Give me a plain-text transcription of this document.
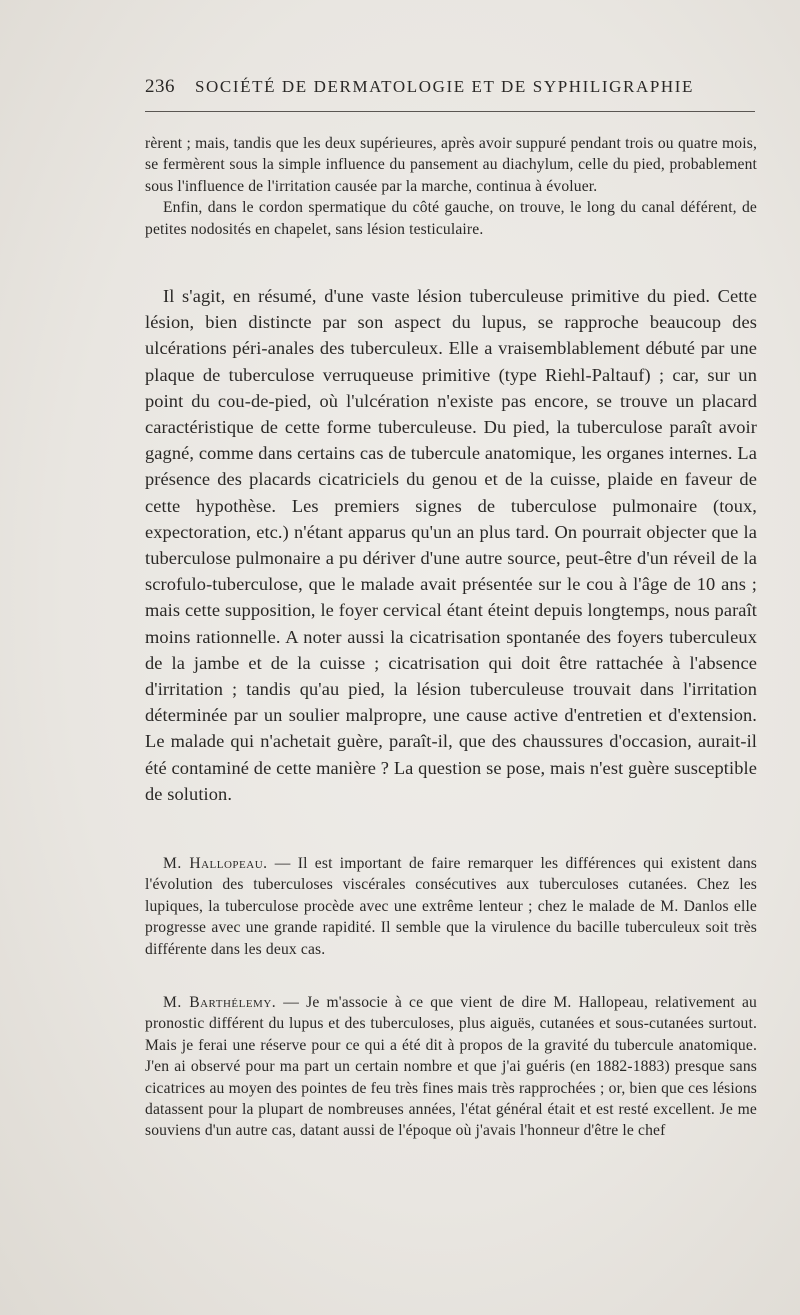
236 SOCIÉTÉ DE DERMATOLOGIE ET DE SYPHILIGRAPHIE

rèrent ; mais, tandis que les deux supérieures, après avoir suppuré pendant trois ou quatre mois, se fermèrent sous la simple influence du pansement au diachylum, celle du pied, probablement sous l'influence de l'irritation causée par la marche, continua à évoluer.

Enfin, dans le cordon spermatique du côté gauche, on trouve, le long du canal déférent, de petites nodosités en chapelet, sans lésion testiculaire.

Il s'agit, en résumé, d'une vaste lésion tuberculeuse primitive du pied. Cette lésion, bien distincte par son aspect du lupus, se rapproche beaucoup des ulcérations péri-anales des tuberculeux. Elle a vraisemblablement débuté par une plaque de tuberculose verruqueuse primitive (type Riehl-Paltauf) ; car, sur un point du cou-de-pied, où l'ulcération n'existe pas encore, se trouve un placard caractéristique de cette forme tuberculeuse. Du pied, la tuberculose paraît avoir gagné, comme dans certains cas de tubercule anatomique, les organes internes. La présence des placards cicatriciels du genou et de la cuisse, plaide en faveur de cette hypothèse. Les premiers signes de tuberculose pulmonaire (toux, expectoration, etc.) n'étant apparus qu'un an plus tard. On pourrait objecter que la tuberculose pulmonaire a pu dériver d'une autre source, peut-être d'un réveil de la scrofulo-tuberculose, que le malade avait présentée sur le cou à l'âge de 10 ans ; mais cette supposition, le foyer cervical étant éteint depuis longtemps, nous paraît moins rationnelle. A noter aussi la cicatrisation spontanée des foyers tuberculeux de la jambe et de la cuisse ; cicatrisation qui doit être rattachée à l'absence d'irritation ; tandis qu'au pied, la lésion tuberculeuse trouvait dans l'irritation déterminée par un soulier malpropre, une cause active d'entretien et d'extension. Le malade qui n'achetait guère, paraît-il, que des chaussures d'occasion, aurait-il été contaminé de cette manière ? La question se pose, mais n'est guère susceptible de solution.

M. Hallopeau. — Il est important de faire remarquer les différences qui existent dans l'évolution des tuberculoses viscérales consécutives aux tuberculoses cutanées. Chez les lupiques, la tuberculose procède avec une extrême lenteur ; chez le malade de M. Danlos elle progresse avec une grande rapidité. Il semble que la virulence du bacille tuberculeux soit très différente dans les deux cas.

M. Barthélemy. — Je m'associe à ce que vient de dire M. Hallopeau, relativement au pronostic différent du lupus et des tuberculoses, plus aiguës, cutanées et sous-cutanées surtout. Mais je ferai une réserve pour ce qui a été dit à propos de la gravité du tubercule anatomique. J'en ai observé pour ma part un certain nombre et que j'ai guéris (en 1882-1883) presque sans cicatrices au moyen des pointes de feu très fines mais très rapprochées ; or, bien que ces lésions datassent pour la plupart de nombreuses années, l'état général était et est resté excellent. Je me souviens d'un autre cas, datant aussi de l'époque où j'avais l'honneur d'être le chef
